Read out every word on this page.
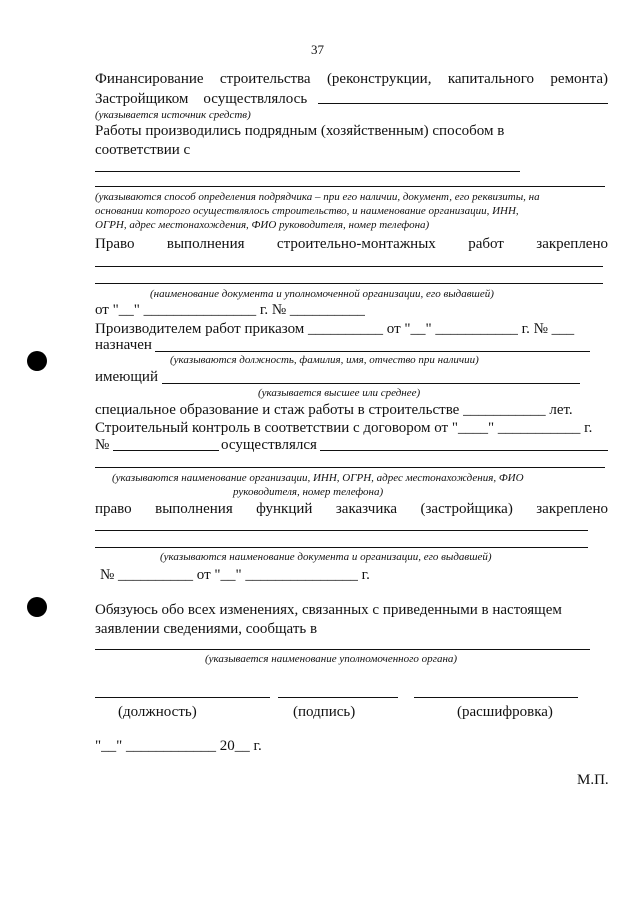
37
Финансирование строительства (реконструкции, капитального ремонта)
Застройщиком    осуществлялось
(указывается источник средств)
Работы производились подрядным (хозяйственным) способом в
соответствии с
(указываются способ определения подрядчика – при его наличии, документ, его реквизиты, на
основании которого осуществлялось строительство, и наименование организации, ИНН,
ОГРН, адрес местонахождения, ФИО руководителя, номер телефона)
Право выполнения строительно-монтажных работ закреплено
(наименование документа и уполномоченной организации, его выдавшей)
от "__" _______________ г. № __________
Производителем работ приказом __________ от "__" ___________ г. № ___
назначен
(указываются должность, фамилия, имя, отчество при наличии)
имеющий
(указывается высшее или среднее)
специальное образование и стаж работы в строительстве ___________ лет.
Строительный контроль в соответствии с договором от "____" ___________ г.
№	осуществлялся
(указываются наименование организации, ИНН, ОГРН, адрес местонахождения, ФИО
руководителя, номер телефона)
право выполнения функций заказчика (застройщика) закреплено
(указываются наименование документа и организации, его выдавшей)
№ __________ от "__" _______________ г.
Обязуюсь обо всех изменениях, связанных с приведенными в настоящем
заявлении сведениями, сообщать в
(указывается наименование уполномоченного органа)
(должность)	(подпись)	(расшифровка)
"__" ____________ 20__ г.
М.П.
